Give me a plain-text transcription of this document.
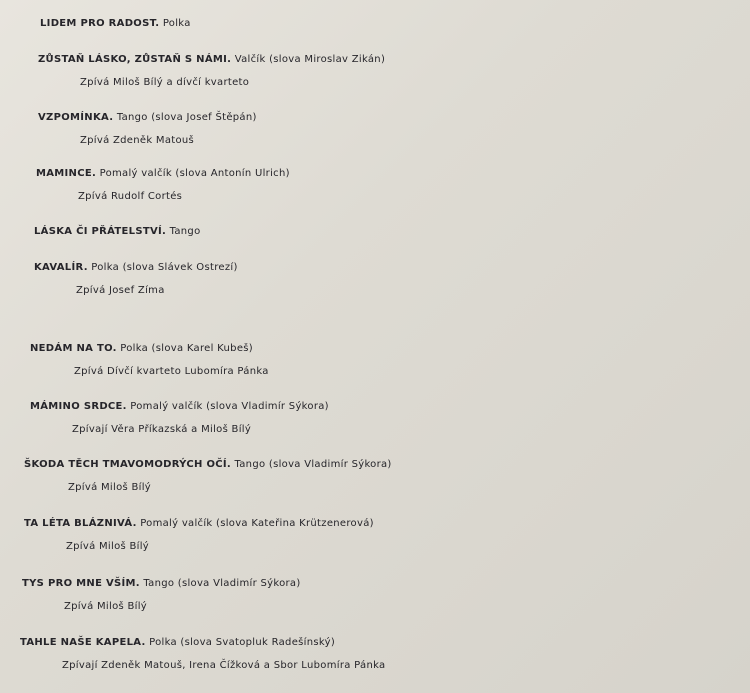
LIDEM PRO RADOST. Polka
ZŮSTAŇ LÁSKO, ZŮSTAŇ S NÁMI. Valčík (slova Miroslav Zikán)
Zpívá Miloš Bílý a dívčí kvarteto
VZPOMÍNKA. Tango (slova Josef Štěpán)
Zpívá Zdeněk Matouš
MAMINCE. Pomalý valčík (slova Antonín Ulrich)
Zpívá Rudolf Cortés
LÁSKA ČI PŘÁTELSTVÍ. Tango
KAVALÍR. Polka (slova Slávek Ostrezí)
Zpívá Josef Zíma
NEDÁM NA TO. Polka (slova Karel Kubeš)
Zpívá Dívčí kvarteto Lubomíra Pánka
MÁMINO SRDCE. Pomalý valčík (slova Vladimír Sýkora)
Zpívají Věra Příkazská a Miloš Bílý
ŠKODA TĚCH TMAVOMODRÝCH OČÍ. Tango (slova Vladimír Sýkora)
Zpívá Miloš Bílý
TA LÉTA BLÁZNIVÁ. Pomalý valčík (slova Kateřina Krützenerová)
Zpívá Miloš Bílý
TYS PRO MNE VŠÍM. Tango (slova Vladimír Sýkora)
Zpívá Miloš Bílý
TAHLE NAŠE KAPELA. Polka (slova Svatopluk Radešínský)
Zpívají Zdeněk Matouš, Irena Čížková a Sbor Lubomíra Pánka
